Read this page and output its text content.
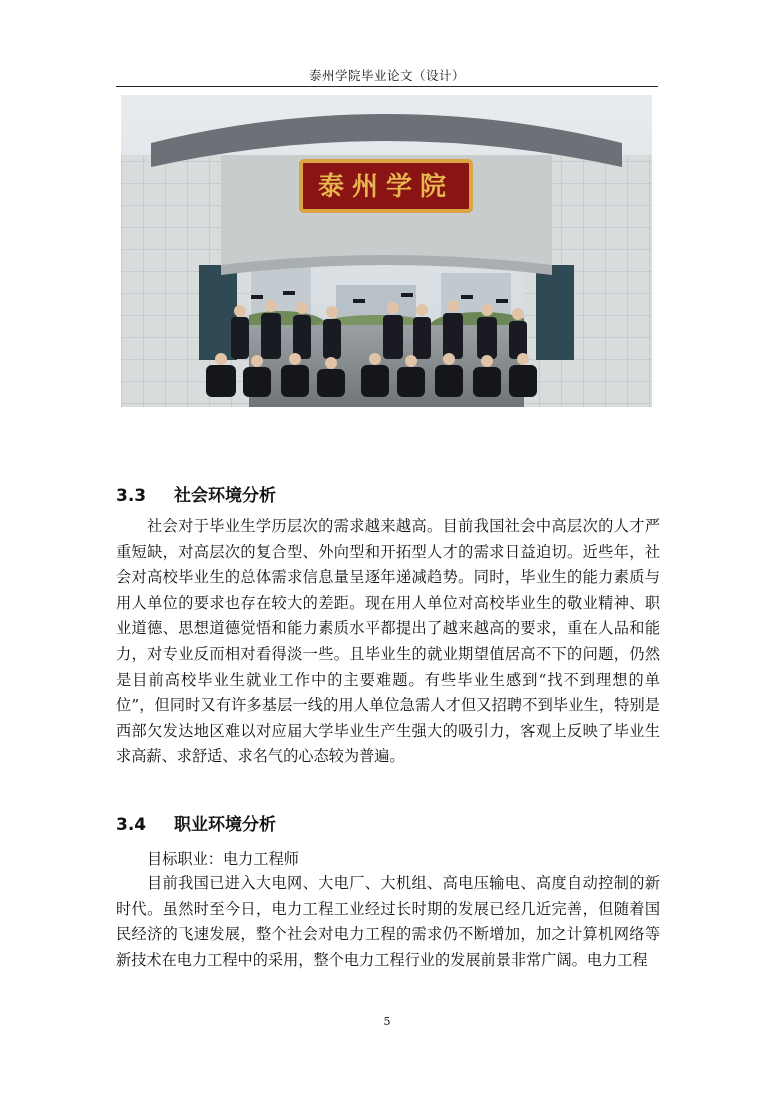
泰州学院毕业论文（设计）
泰州学院
3.3 社会环境分析

社会对于毕业生学历层次的需求越来越高。目前我国社会中高层次的人才严重短缺，对高层次的复合型、外向型和开拓型人才的需求日益迫切。近些年，社会对高校毕业生的总体需求信息量呈逐年递减趋势。同时，毕业生的能力素质与用人单位的要求也存在较大的差距。现在用人单位对高校毕业生的敬业精神、职业道德、思想道德觉悟和能力素质水平都提出了越来越高的要求，重在人品和能力，对专业反而相对看得淡一些。且毕业生的就业期望值居高不下的问题，仍然是目前高校毕业生就业工作中的主要难题。有些毕业生感到“找不到理想的单位”，但同时又有许多基层一线的用人单位急需人才但又招聘不到毕业生，特别是西部欠发达地区难以对应届大学毕业生产生强大的吸引力，客观上反映了毕业生求高薪、求舒适、求名气的心态较为普遍。

3.4 职业环境分析
目标职业：电力工程师

目前我国已进入大电网、大电厂、大机组、高电压输电、高度自动控制的新时代。虽然时至今日，电力工程工业经过长时期的发展已经几近完善，但随着国民经济的飞速发展，整个社会对电力工程的需求仍不断增加，加之计算机网络等新技术在电力工程中的采用，整个电力工程行业的发展前景非常广阔。电力工程

5
